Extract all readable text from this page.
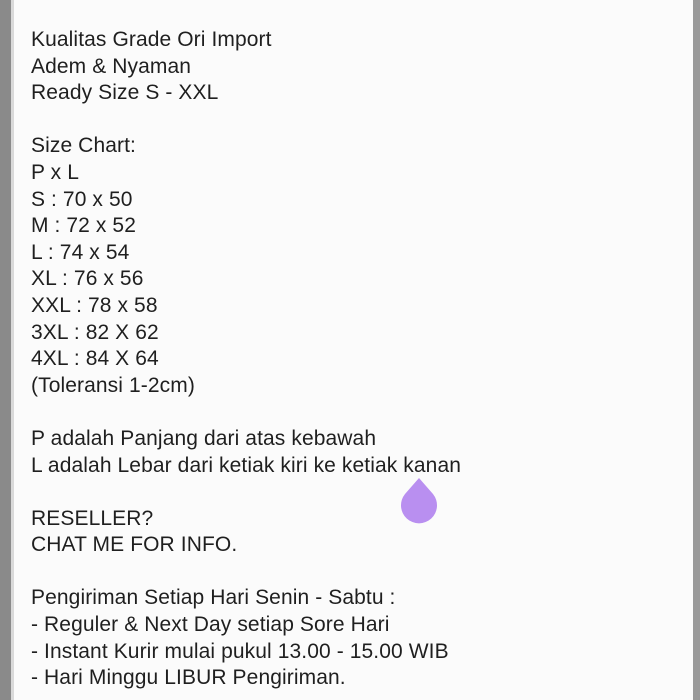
Kualitas Grade Ori Import
Adem & Nyaman
Ready Size S - XXL
Size Chart:
P x L
S : 70 x 50
M : 72 x 52
L : 74 x 54
XL : 76 x 56
XXL : 78 x 58
3XL : 82 X 62
4XL : 84 X 64
(Toleransi 1-2cm)
P adalah Panjang dari atas kebawah
L adalah Lebar dari ketiak kiri ke ketiak kanan
RESELLER?
CHAT ME FOR INFO.
Pengiriman Setiap Hari Senin - Sabtu :
- Reguler & Next Day setiap Sore Hari
- Instant Kurir mulai pukul 13.00 - 15.00 WIB
- Hari Minggu LIBUR Pengiriman.
